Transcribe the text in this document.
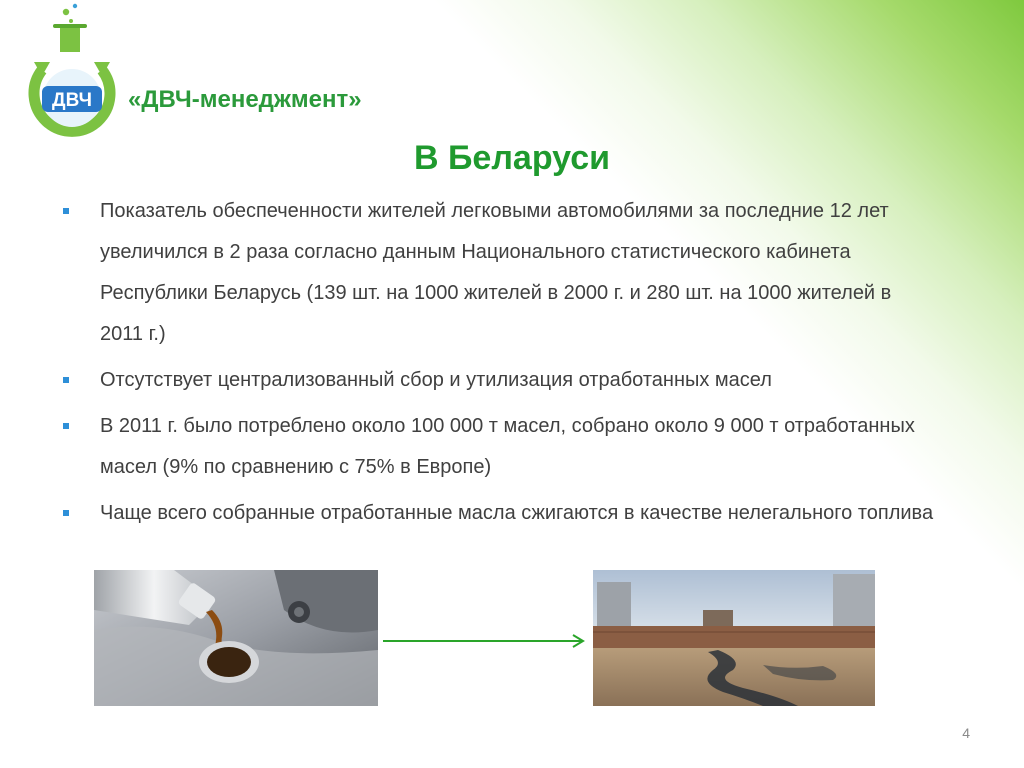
ДВЧ «ДВЧ-менеджмент»
В Беларуси
Показатель обеспеченности жителей легковыми автомобилями за последние 12 лет
увеличился в 2 раза согласно данным Национального статистического кабинета
Республики Беларусь (139 шт. на 1000 жителей в 2000 г. и 280 шт. на 1000 жителей в
2011 г.)
Отсутствует централизованный сбор и утилизация отработанных масел
В 2011 г. было потреблено около 100 000 т масел, собрано около 9 000 т отработанных
масел (9% по сравнению с 75% в Европе)
Чаще всего собранные отработанные масла сжигаются в качестве нелегального топлива
4
